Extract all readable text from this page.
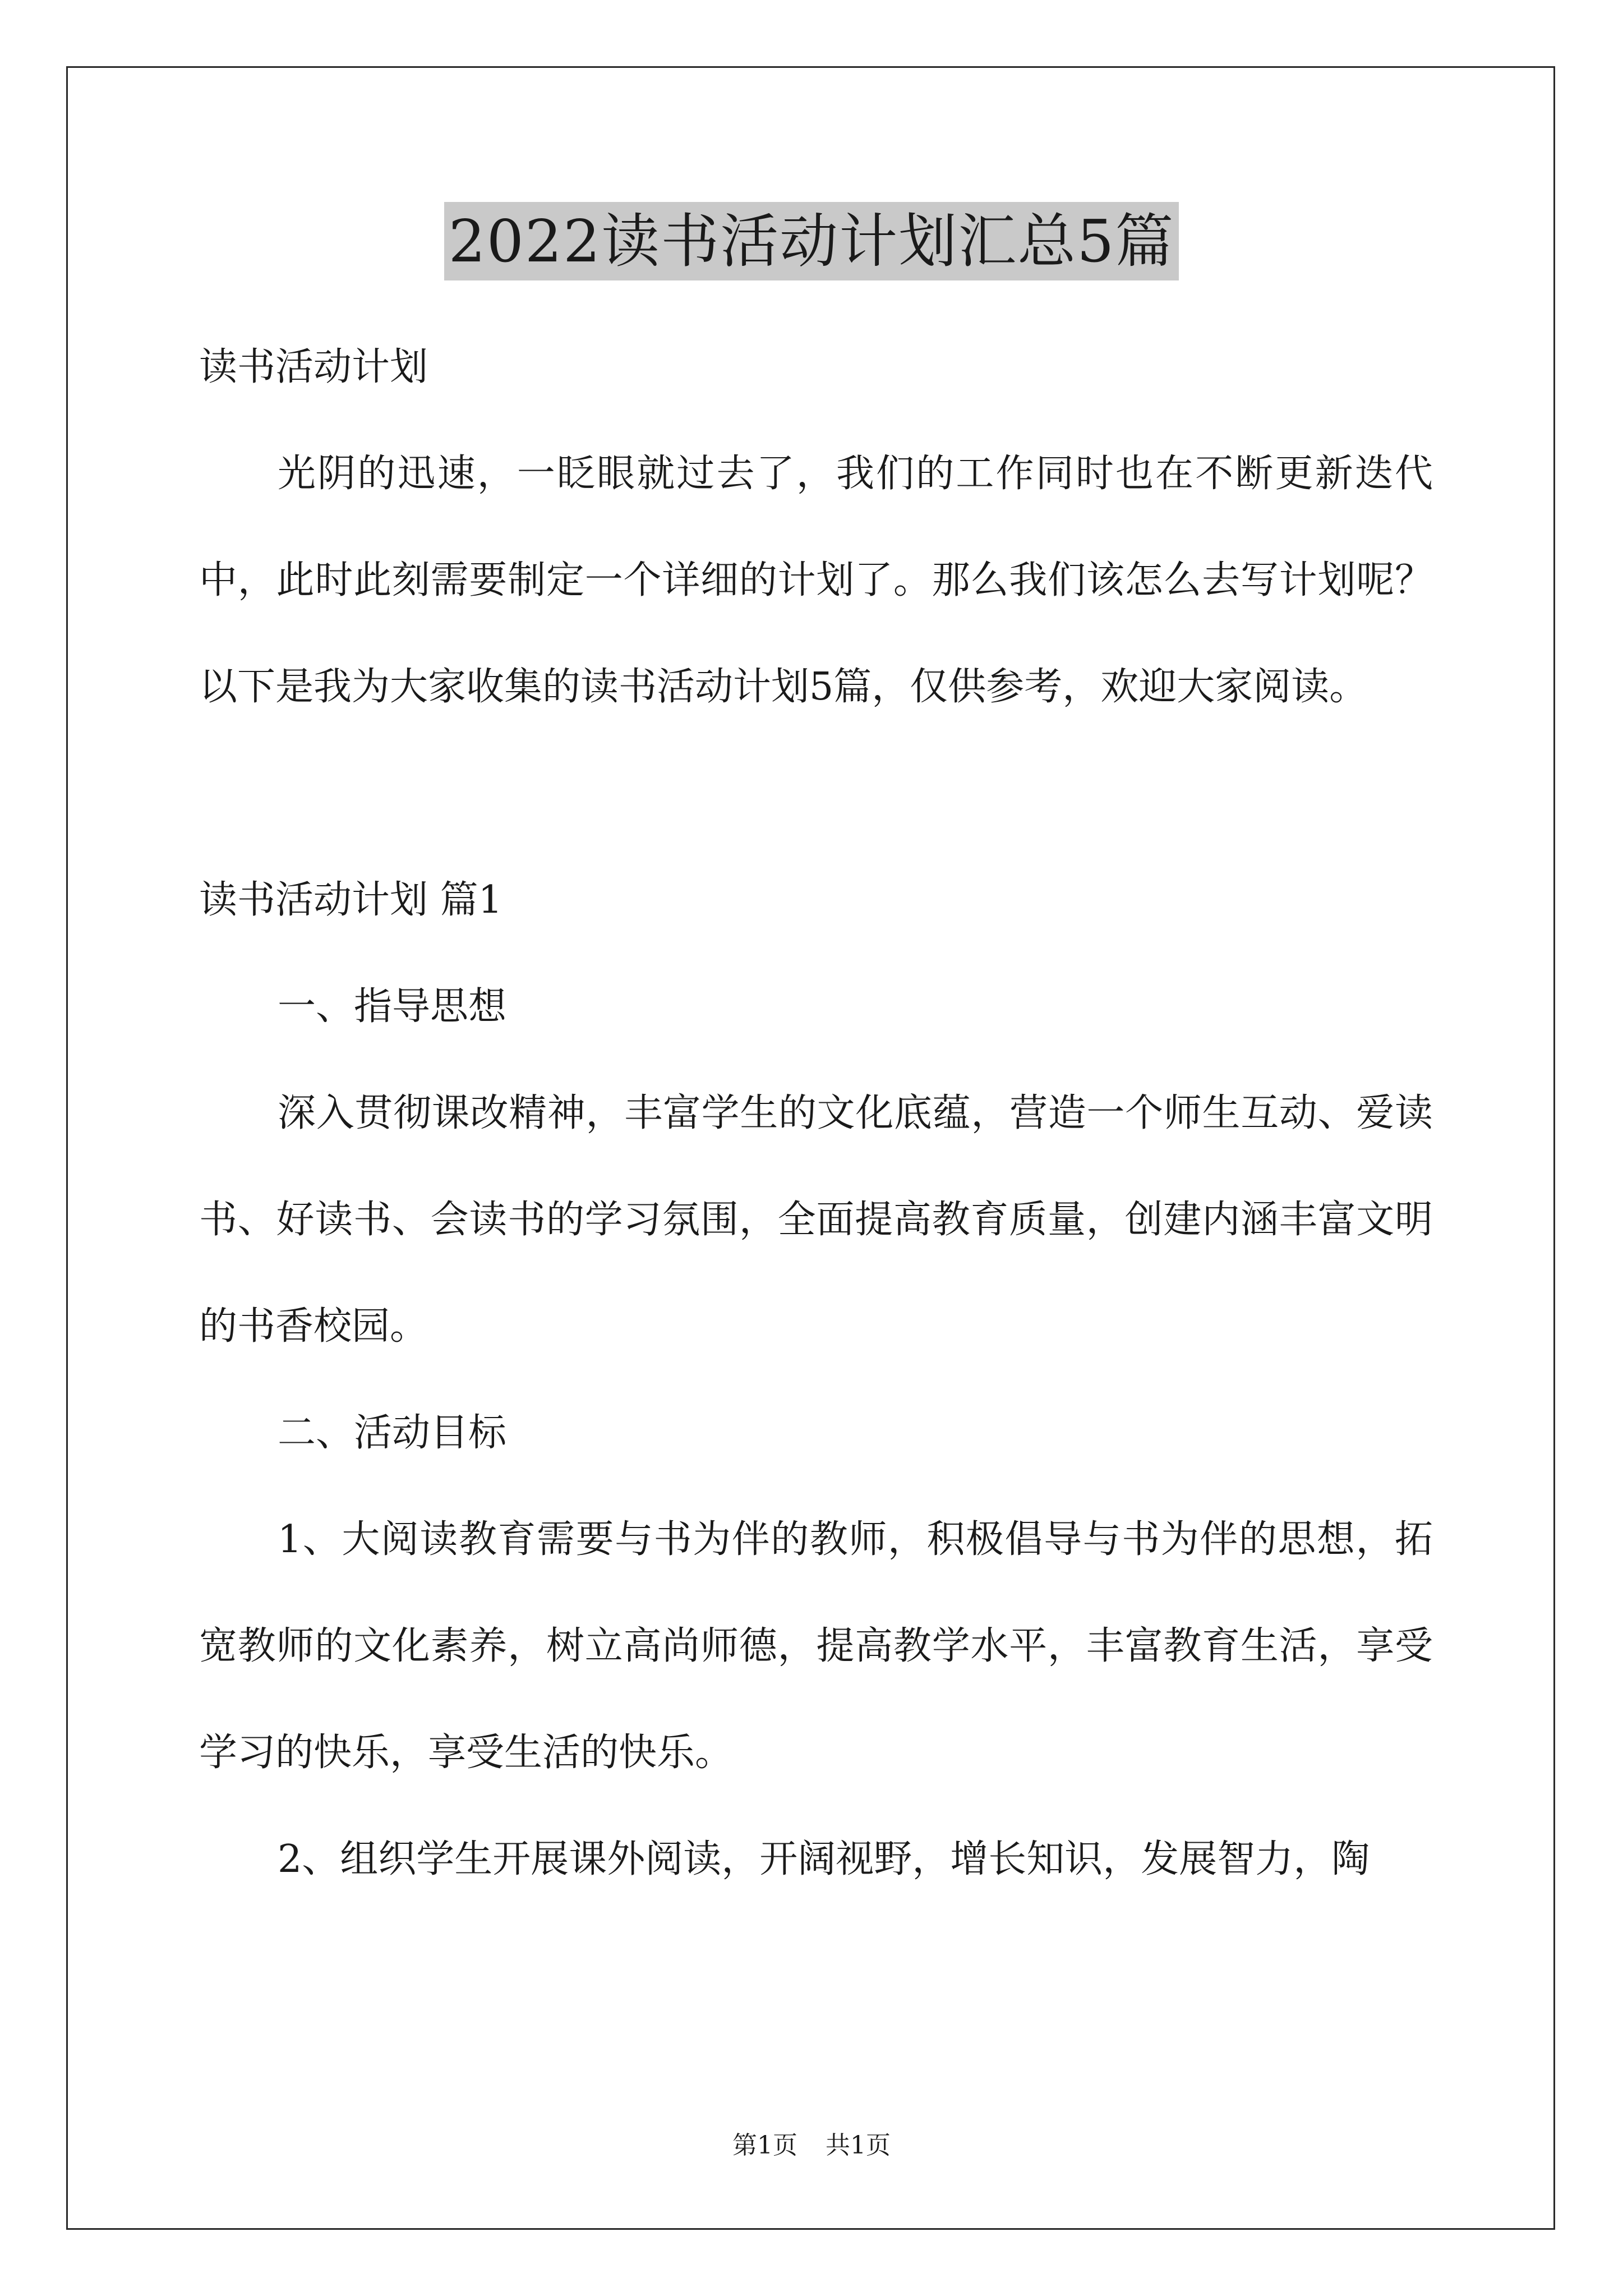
2022读书活动计划汇总5篇

读书活动计划

光阴的迅速，一眨眼就过去了，我们的工作同时也在不断更新迭代中，此时此刻需要制定一个详细的计划了。那么我们该怎么去写计划呢？以下是我为大家收集的读书活动计划5篇，仅供参考，欢迎大家阅读。

读书活动计划 篇1

一、指导思想

深入贯彻课改精神，丰富学生的文化底蕴，营造一个师生互动、爱读书、好读书、会读书的学习氛围，全面提高教育质量，创建内涵丰富文明的书香校园。

二、活动目标

1、大阅读教育需要与书为伴的教师，积极倡导与书为伴的思想，拓宽教师的文化素养，树立高尚师德，提高教学水平，丰富教育生活，享受学习的快乐，享受生活的快乐。

2、组织学生开展课外阅读，开阔视野，增长知识，发展智力，陶

第1页 共1页
